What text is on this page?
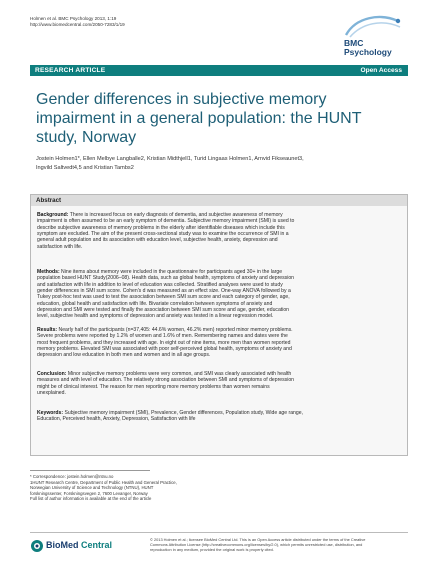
Holmen et al. BMC Psychology 2013, 1:19
http://www.biomedcentral.com/2050-7283/1/19
BMC
Psychology
RESEARCH ARTICLE	Open Access
Gender differences in subjective memory
impairment in a general population: the HUNT
study, Norway
Jostein Holmen1*, Ellen Melbye Langballe2, Kristian Midthjell1, Turid Lingaas Holmen1, Arnvid Fikseaunet3,
Ingvild Saltvedt4,5 and Kristian Tambs2
Abstract
Background: There is increased focus on early diagnosis of dementia, and subjective awareness of memory
impairment is often assumed to be an early symptom of dementia. Subjective memory impairment (SMI) is used to
describe subjective awareness of memory problems in the elderly after identifiable diseases which include this
symptom are excluded. The aim of the present cross-sectional study was to examine the occurrence of SMI in a
general adult population and its association with education level, subjective health, anxiety, depression and
satisfaction with life.
Methods: Nine items about memory were included in the questionnaire for participants aged 30+ in the large
population based HUNT Study(2006–08). Health data, such as global health, symptoms of anxiety and depression
and satisfaction with life in addition to level of education was collected. Stratified analyses were used to study
gender differences in SMI sum score. Cohen's d was measured as an effect size. One-way ANOVA followed by a
Tukey post-hoc test was used to test the association between SMI sum score and each category of gender, age,
education, global health and satisfaction with life. Bivariate correlation between symptoms of anxiety and
depression and SMI were tested and finally the association between SMI sum score and age, gender, education
level, subjective health and symptoms of depression and anxiety was tested in a linear regression model.
Results: Nearly half of the participants (n=37,405: 44.6% women, 46.2% men) reported minor memory problems.
Severe problems were reported by 1.2% of women and 1.6% of men. Remembering names and dates were the
most frequent problems, and they increased with age. In eight out of nine items, more men than women reported
memory problems. Elevated SMI was associated with poor self-perceived global health, symptoms of anxiety and
depression and low education in both men and women and in all age groups.
Conclusion: Minor subjective memory problems were very common, and SMI was clearly associated with health
measures and with level of education. The relatively strong association between SMI and symptoms of depression
might be of clinical interest. The reason for men reporting more memory problems than women remains
unexplained.
Keywords: Subjective memory impairment (SMI), Prevalence, Gender differences, Population study, Wide age range,
Education, Perceived health, Anxiety, Depression, Satisfaction with life
* Correspondence: jostein.holmen@ntnu.no
1HUNT Research Centre, Department of Public Health and General Practice,
Norwegian University of Science and Technology (NTNU), HUNT
forskningssenter, Forskningsvegen 2, 7600 Levanger, Norway
Full list of author information is available at the end of the article
BioMed Central
© 2013 Holmen et al.; licensee BioMed Central Ltd. This is an Open Access article distributed under the terms of the Creative
Commons Attribution License (http://creativecommons.org/licenses/by/2.0), which permits unrestricted use, distribution, and
reproduction in any medium, provided the original work is properly cited.
